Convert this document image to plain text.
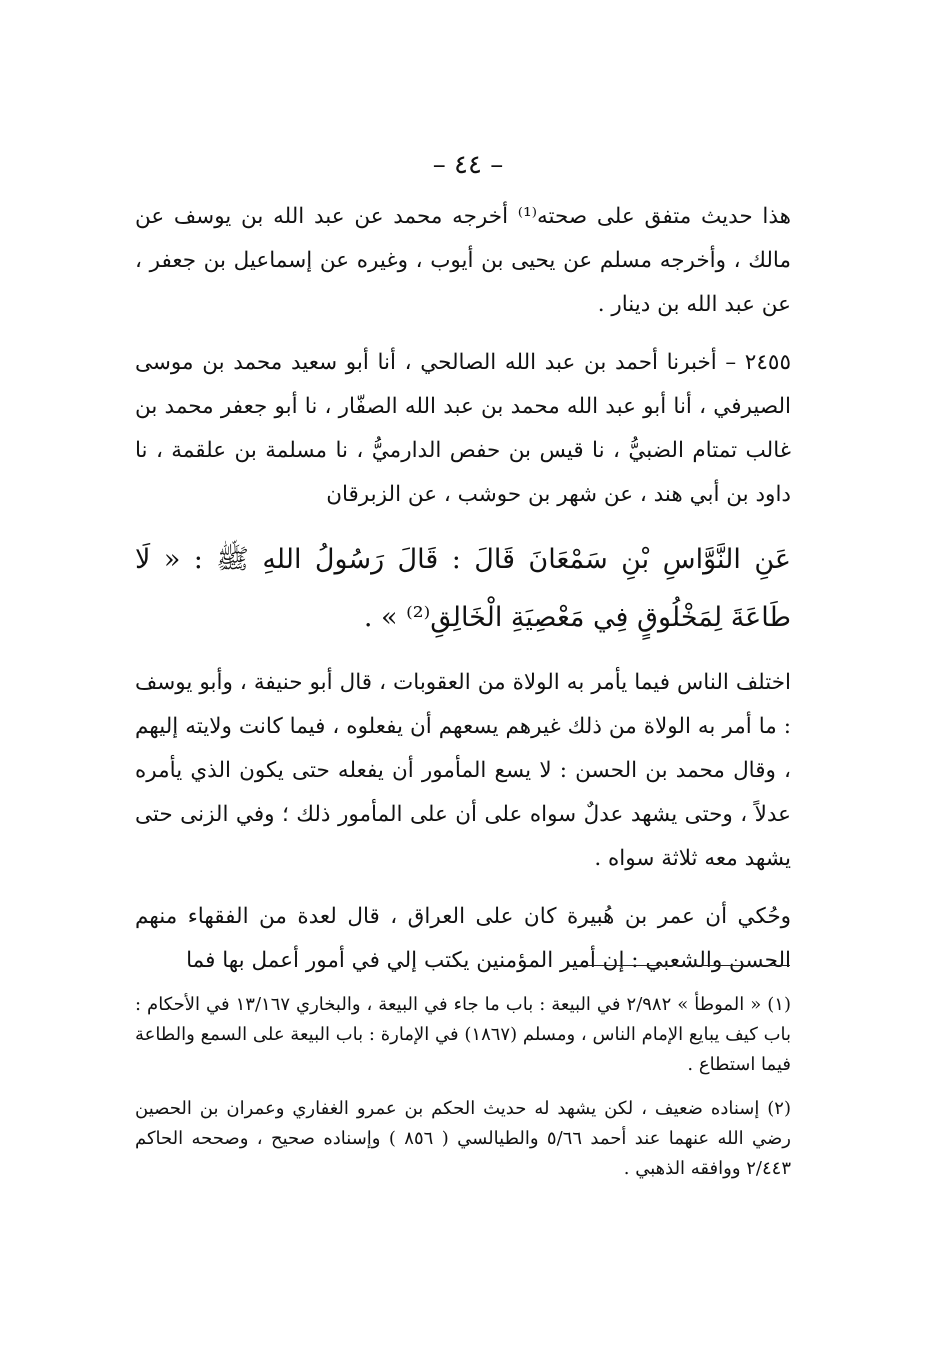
– ٤٤ –

هذا حديث متفق على صحته⁽¹⁾ أخرجه محمد عن عبد الله بن يوسف عن مالك ، وأخرجه مسلم عن يحيى بن أيوب ، وغيره عن إسماعيل بن جعفر ، عن عبد الله بن دينار .

٢٤٥٥ – أخبرنا أحمد بن عبد الله الصالحي ، أنا أبو سعيد محمد بن موسى الصيرفي ، أنا أبو عبد الله محمد بن عبد الله الصفّار ، نا أبو جعفر محمد بن غالب تمتام الضبيُّ ، نا قيس بن حفص الدارميُّ ، نا مسلمة بن علقمة ، نا داود بن أبي هند ، عن شهر بن حوشب ، عن الزبرقان

عَنِ النَّوَّاسِ بْنِ سَمْعَانَ قَالَ : قَالَ رَسُولُ اللهِ ﷺ : « لَا طَاعَةَ لِمَخْلُوقٍ فِي مَعْصِيَةِ الْخَالِقِ⁽²⁾ » .

اختلف الناس فيما يأمر به الولاة من العقوبات ، قال أبو حنيفة ، وأبو يوسف : ما أمر به الولاة من ذلك غيرهم يسعهم أن يفعلوه ، فيما كانت ولايته إليهم ، وقال محمد بن الحسن : لا يسع المأمور أن يفعله حتى يكون الذي يأمره عدلاً ، وحتى يشهد عدلٌ سواه على أن على المأمور ذلك ؛ وفي الزنى حتى يشهد معه ثلاثة سواه .

وحُكي أن عمر بن هُبيرة كان على العراق ، قال لعدة من الفقهاء منهم الحسن والشعبي : إن أمير المؤمنين يكتب إلي في أمور أعمل بها فما

(١) « الموطأ » ٢/٩٨٢ في البيعة : باب ما جاء في البيعة ، والبخاري ١٣/١٦٧ في الأحكام : باب كيف يبايع الإمام الناس ، ومسلم (١٨٦٧) في الإمارة : باب البيعة على السمع والطاعة فيما استطاع .

(٢) إسناده ضعيف ، لكن يشهد له حديث الحكم بن عمرو الغفاري وعمران بن الحصين رضي الله عنهما عند أحمد ٥/٦٦ والطيالسي ( ٨٥٦ ) وإسناده صحيح ، وصححه الحاكم ٢/٤٤٣ ووافقه الذهبي .
